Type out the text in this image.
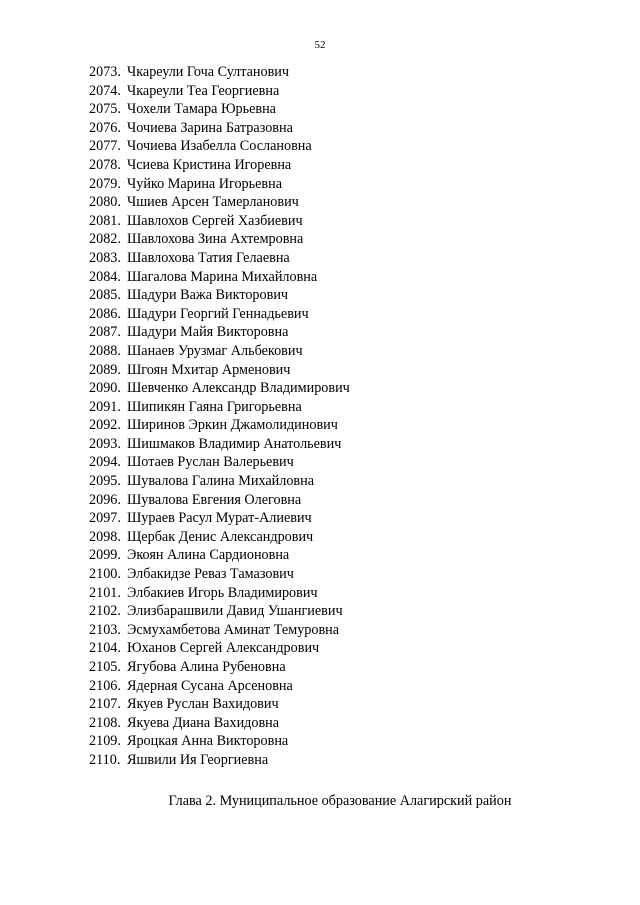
52
2073. Чкареули Гоча Султанович
2074. Чкареули Теа Георгиевна
2075. Чохели Тамара Юрьевна
2076. Чочиева Зарина Батразовна
2077. Чочиева Изабелла Сослановна
2078. Чсиева Кристина Игоревна
2079. Чуйко Марина Игорьевна
2080. Чшиев Арсен Тамерланович
2081. Шавлохов Сергей Хазбиевич
2082. Шавлохова Зина Ахтемровна
2083. Шавлохова Татия Гелаевна
2084. Шагалова Марина Михайловна
2085. Шадури Важа Викторович
2086. Шадури Георгий Геннадьевич
2087. Шадури Майя Викторовна
2088. Шанаев Урузмаг Альбекович
2089. Шгоян Мхитар Арменович
2090. Шевченко Александр Владимирович
2091. Шипикян Гаяна Григорьевна
2092. Ширинов Эркин Джамолидинович
2093. Шишмаков Владимир Анатольевич
2094. Шотаев Руслан Валерьевич
2095. Шувалова Галина Михайловна
2096. Шувалова Евгения Олеговна
2097. Шураев Расул Мурат-Алиевич
2098. Щербак Денис Александрович
2099. Экоян Алина Сардионовна
2100. Элбакидзе Реваз Тамазович
2101. Элбакиев Игорь Владимирович
2102. Элизбарашвили Давид Ушангиевич
2103. Эсмухамбетова Аминат Темуровна
2104. Юханов Сергей Александрович
2105. Ягубова Алина Рубеновна
2106. Ядерная Сусана Арсеновна
2107. Якуев Руслан Вахидович
2108. Якуева Диана Вахидовна
2109. Яроцкая Анна Викторовна
2110. Яшвили Ия Георгиевна
Глава 2. Муниципальное образование Алагирский район
